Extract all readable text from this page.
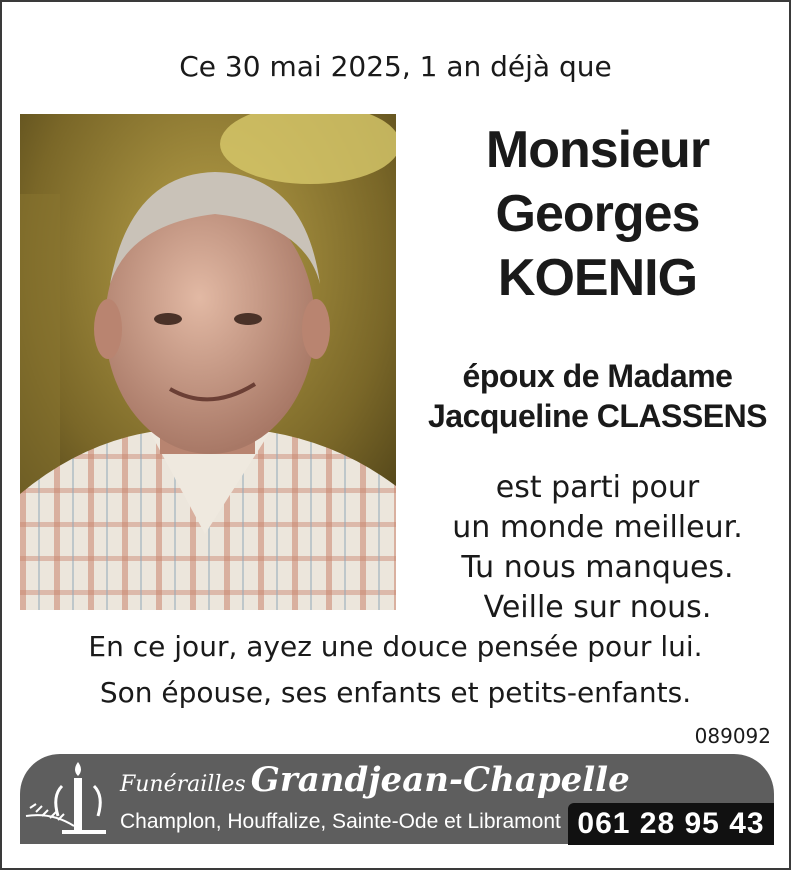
Ce 30 mai 2025, 1 an déjà que
Monsieur
Georges
KOENIG
époux de Madame
Jacqueline CLASSENS
est parti pour
un monde meilleur.
Tu nous manques.
Veille sur nous.
En ce jour, ayez une douce pensée pour lui.
Son épouse, ses enfants et petits-enfants.
089092
Funérailles Grandjean-Chapelle
Champlon, Houffalize, Sainte-Ode et Libramont 061 28 95 43
